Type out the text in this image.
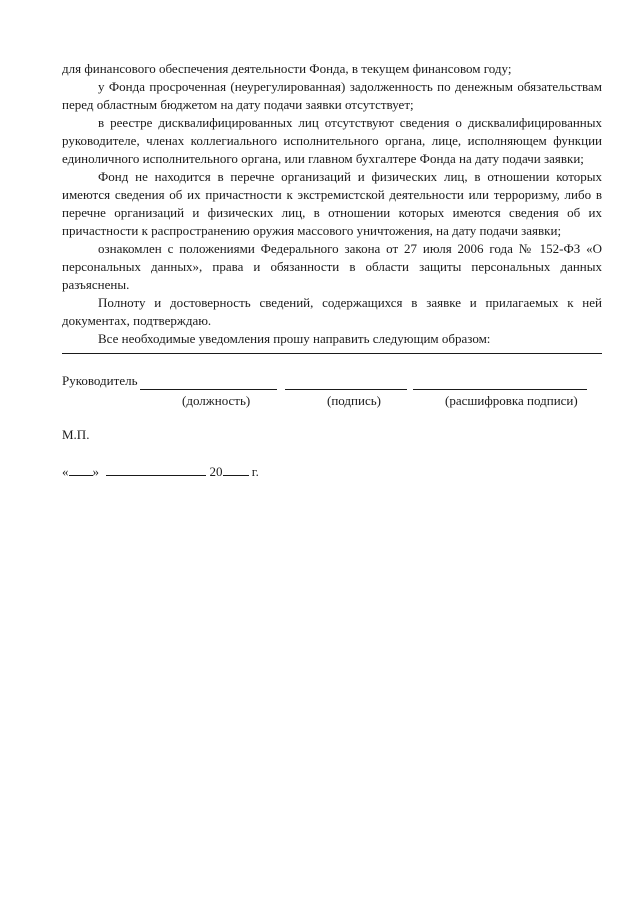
для финансового обеспечения деятельности Фонда, в текущем финансовом году;

у Фонда просроченная (неурегулированная) задолженность по денежным обязательствам перед областным бюджетом на дату подачи заявки отсутствует;

в реестре дисквалифицированных лиц отсутствуют сведения о дисквалифицированных руководителе, членах коллегиального исполнительного органа, лице, исполняющем функции единоличного исполнительного органа, или главном бухгалтере Фонда на дату подачи заявки;

Фонд не находится в перечне организаций и физических лиц, в отношении которых имеются сведения об их причастности к экстремистской деятельности или терроризму, либо в перечне организаций и физических лиц, в отношении которых имеются сведения об их причастности к распространению оружия массового уничтожения, на дату подачи заявки;

ознакомлен с положениями Федерального закона от 27 июля 2006 года № 152-ФЗ «О персональных данных», права и обязанности в области защиты персональных данных разъяснены.

Полноту и достоверность сведений, содержащихся в заявке и прилагаемых к ней документах, подтверждаю.

Все необходимые уведомления прошу направить следующим образом:

Руководитель
(должность)	(подпись)	(расшифровка подписи)
М.П.
« »	20 г.
